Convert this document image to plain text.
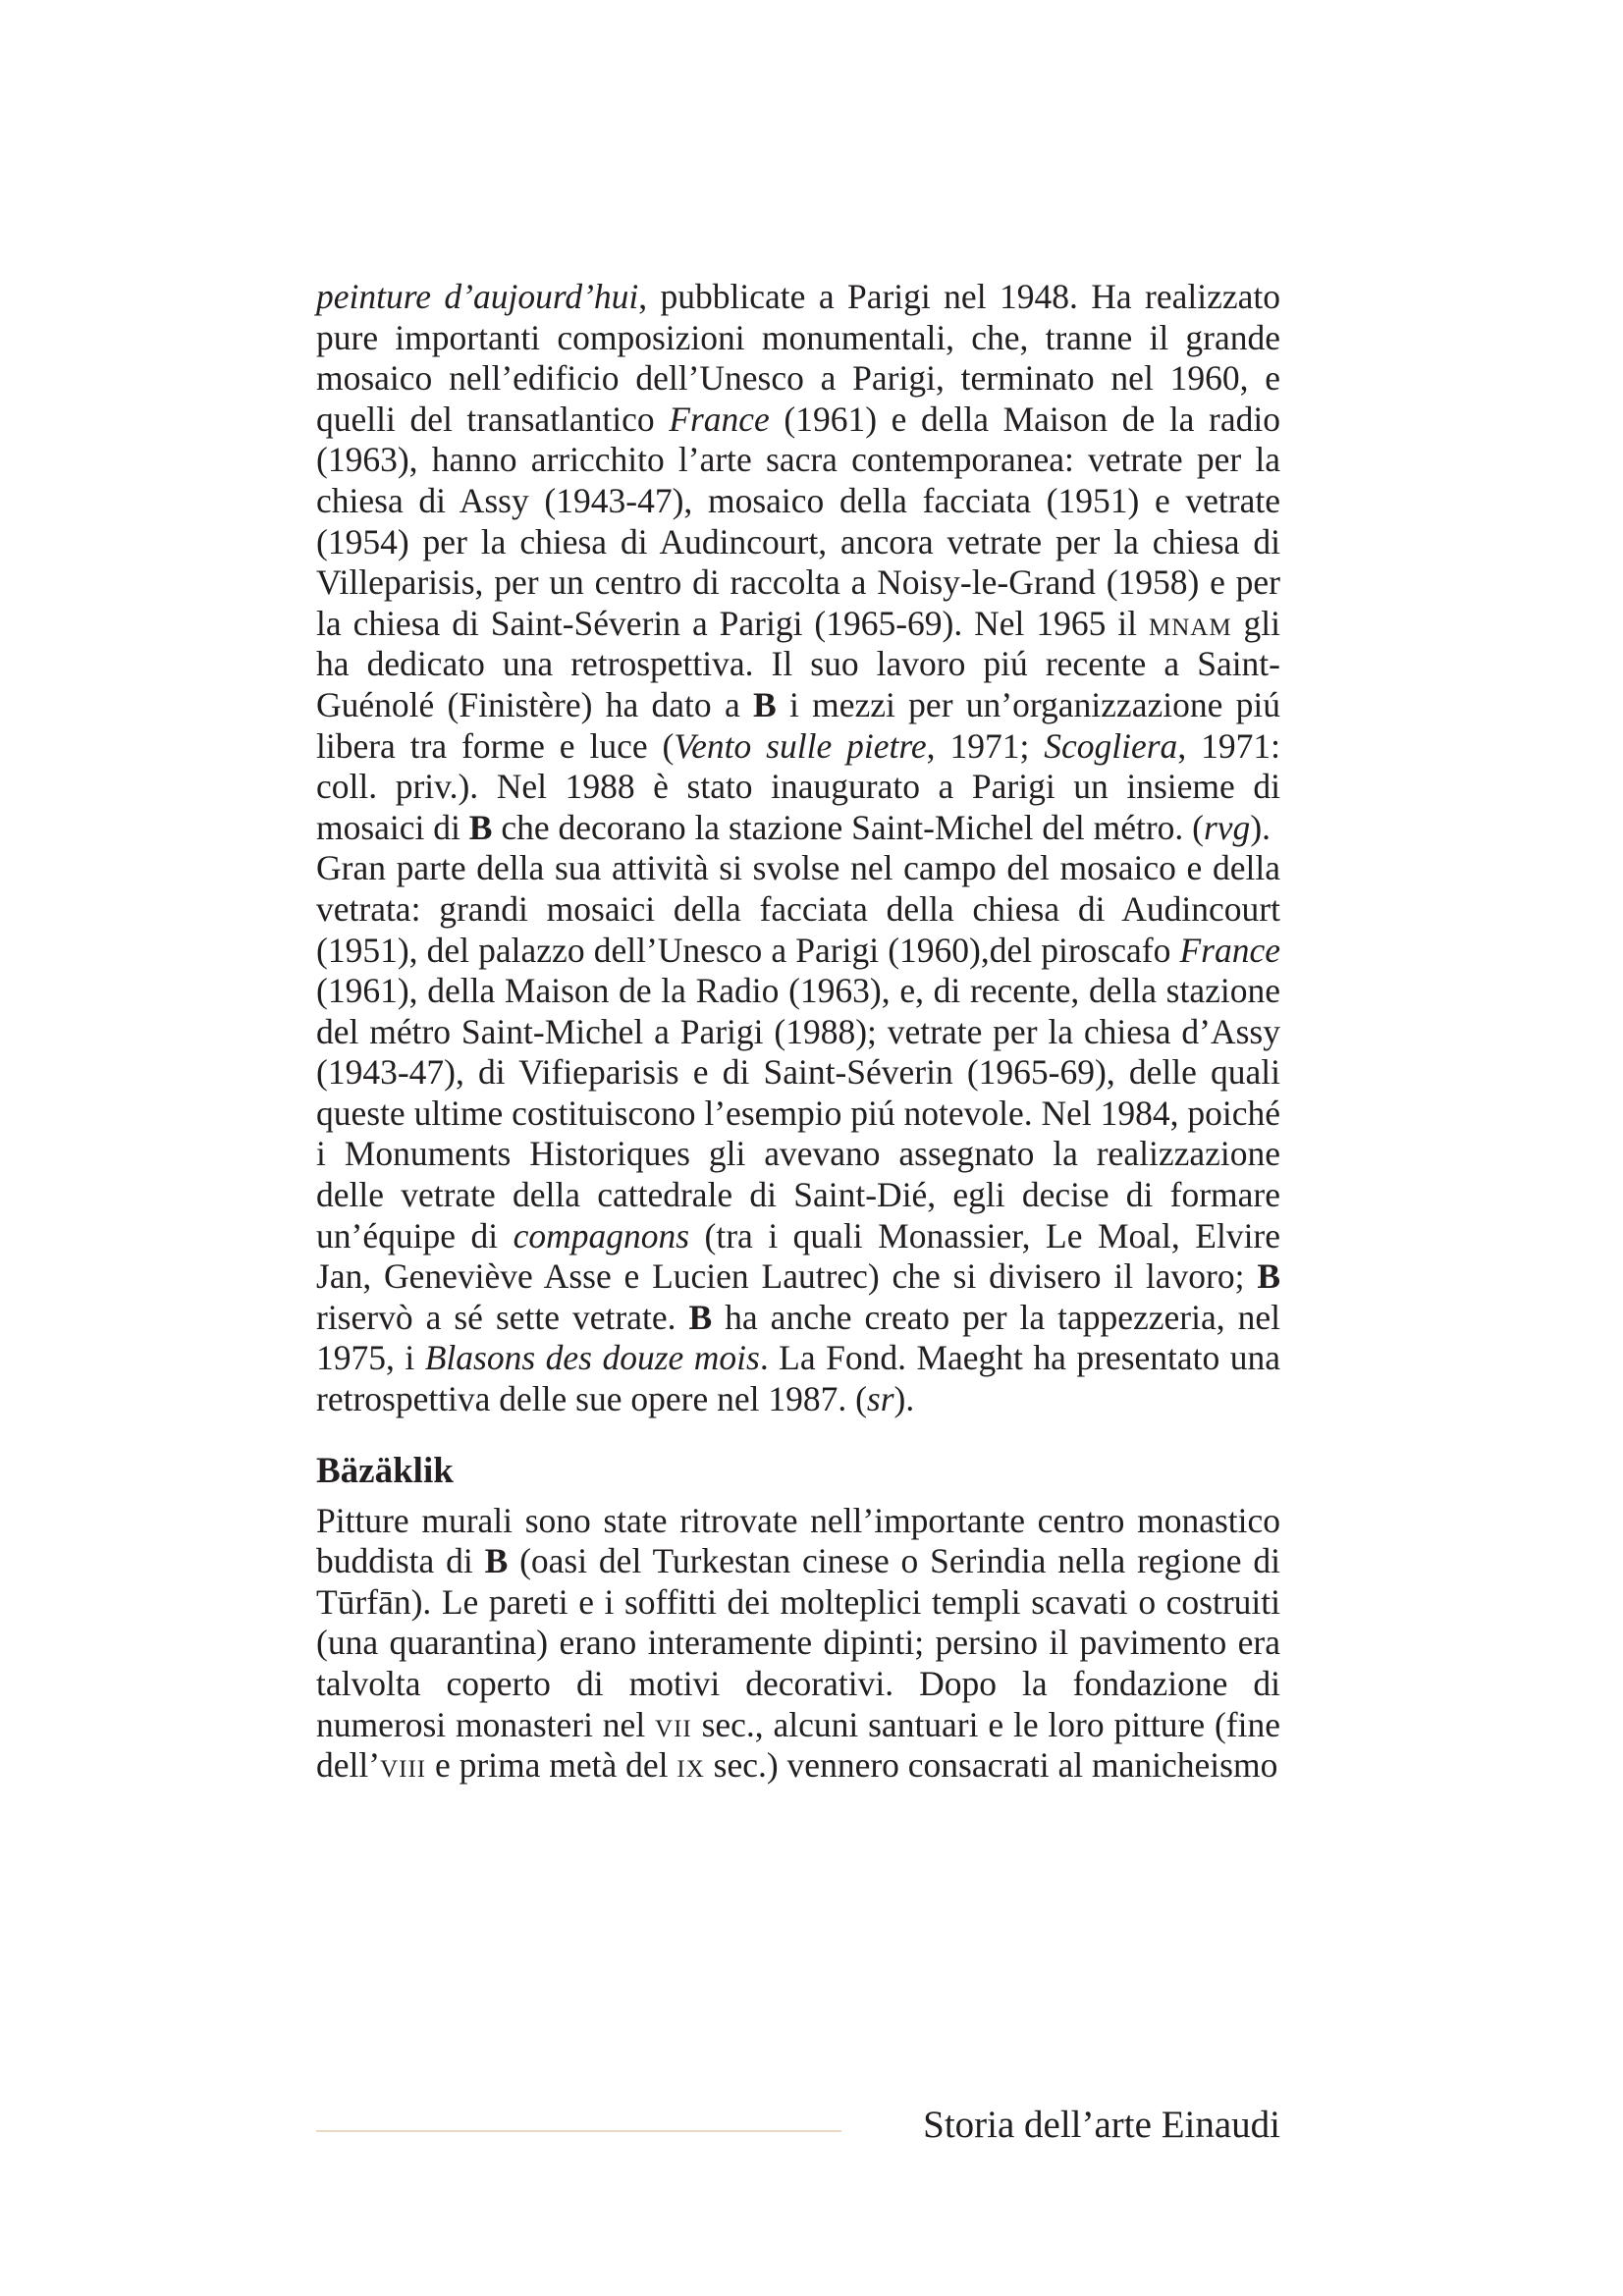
peinture d’aujourd’hui, pubblicate a Parigi nel 1948. Ha realizzato pure importanti composizioni monumentali, che, tranne il grande mosaico nell’edificio dell’Unesco a Parigi, terminato nel 1960, e quelli del transatlantico France (1961) e della Maison de la radio (1963), hanno arricchito l’arte sacra contemporanea: vetrate per la chiesa di Assy (1943-47), mosaico della facciata (1951) e vetrate (1954) per la chiesa di Audincourt, ancora vetrate per la chiesa di Villeparisis, per un centro di raccolta a Noisy-le-Grand (1958) e per la chiesa di Saint-Séverin a Parigi (1965-69). Nel 1965 il mnam gli ha dedicato una retrospettiva. Il suo lavoro piú recente a Saint-Guénolé (Finistère) ha dato a B i mezzi per un’organizzazione piú libera tra forme e luce (Vento sulle pietre, 1971; Scogliera, 1971: coll. priv.). Nel 1988 è stato inaugurato a Parigi un insieme di mosaici di B che decorano la stazione Saint-Michel del métro. (rvg).

Gran parte della sua attività si svolse nel campo del mosaico e della vetrata: grandi mosaici della facciata della chiesa di Audincourt (1951), del palazzo dell’Unesco a Parigi (1960),del piroscafo France (1961), della Maison de la Radio (1963), e, di recente, della stazione del métro Saint-Michel a Parigi (1988); vetrate per la chiesa d’Assy (1943-47), di Vifieparisis e di Saint-Séverin (1965-69), delle quali queste ultime costituiscono l’esempio piú notevole. Nel 1984, poiché i Monuments Historiques gli avevano assegnato la realizzazione delle vetrate della cattedrale di Saint-Dié, egli decise di formare un’équipe di compagnons (tra i quali Monassier, Le Moal, Elvire Jan, Geneviève Asse e Lucien Lautrec) che si divisero il lavoro; B riservò a sé sette vetrate. B ha anche creato per la tappezzeria, nel 1975, i Blasons des douze mois. La Fond. Maeght ha presentato una retrospettiva delle sue opere nel 1987. (sr).

Bäzäklik

Pitture murali sono state ritrovate nell’importante centro monastico buddista di B (oasi del Turkestan cinese o Serindia nella regione di Tūrfān). Le pareti e i soffitti dei molteplici templi scavati o costruiti (una quarantina) erano interamente dipinti; persino il pavimento era talvolta coperto di motivi decorativi. Dopo la fondazione di numerosi monasteri nel vii sec., alcuni santuari e le loro pitture (fine dell’viii e prima metà del ix sec.) vennero consacrati al manicheismo

Storia dell’arte Einaudi
